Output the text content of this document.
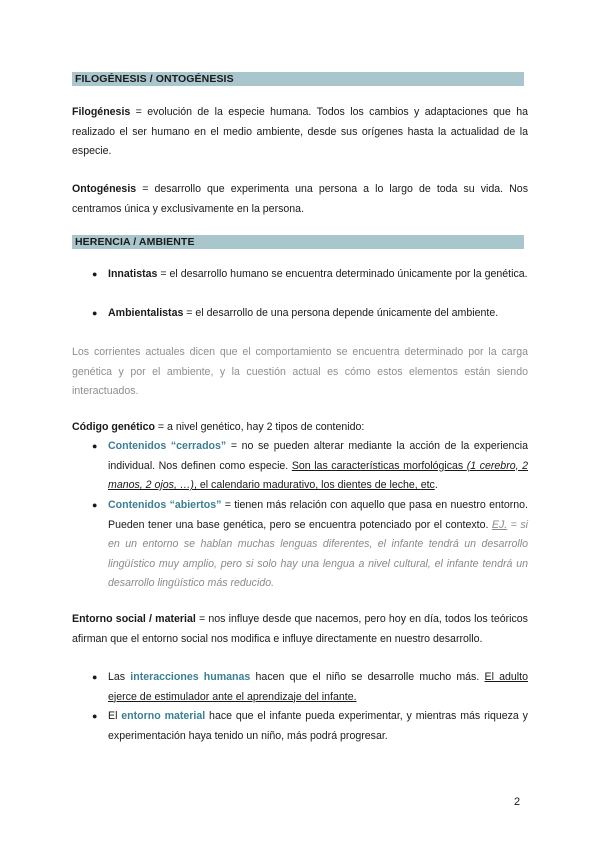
FILOGÉNESIS / ONTOGÉNESIS
Filogénesis = evolución de la especie humana. Todos los cambios y adaptaciones que ha realizado el ser humano en el medio ambiente, desde sus orígenes hasta la actualidad de la especie.
Ontogénesis = desarrollo que experimenta una persona a lo largo de toda su vida. Nos centramos única y exclusivamente en la persona.
HERENCIA / AMBIENTE
● Innatistas = el desarrollo humano se encuentra determinado únicamente por la genética.
● Ambientalistas = el desarrollo de una persona depende únicamente del ambiente.
Los corrientes actuales dicen que el comportamiento se encuentra determinado por la carga genética y por el ambiente, y la cuestión actual es cómo estos elementos están siendo interactuados.
Código genético = a nivel genético, hay 2 tipos de contenido:
● Contenidos “cerrados” = no se pueden alterar mediante la acción de la experiencia individual. Nos definen como especie. Son las características morfológicas (1 cerebro, 2 manos, 2 ojos, …), el calendario madurativo, los dientes de leche, etc.
● Contenidos “abiertos” = tienen más relación con aquello que pasa en nuestro entorno. Pueden tener una base genética, pero se encuentra potenciado por el contexto. EJ. = si en un entorno se hablan muchas lenguas diferentes, el infante tendrá un desarrollo lingüístico muy amplio, pero si solo hay una lengua a nivel cultural, el infante tendrá un desarrollo lingüístico más reducido.
Entorno social / material = nos influye desde que nacemos, pero hoy en día, todos los teóricos afirman que el entorno social nos modifica e influye directamente en nuestro desarrollo.
● Las interacciones humanas hacen que el niño se desarrolle mucho más. El adulto ejerce de estimulador ante el aprendizaje del infante.
● El entorno material hace que el infante pueda experimentar, y mientras más riqueza y experimentación haya tenido un niño, más podrá progresar.
2
